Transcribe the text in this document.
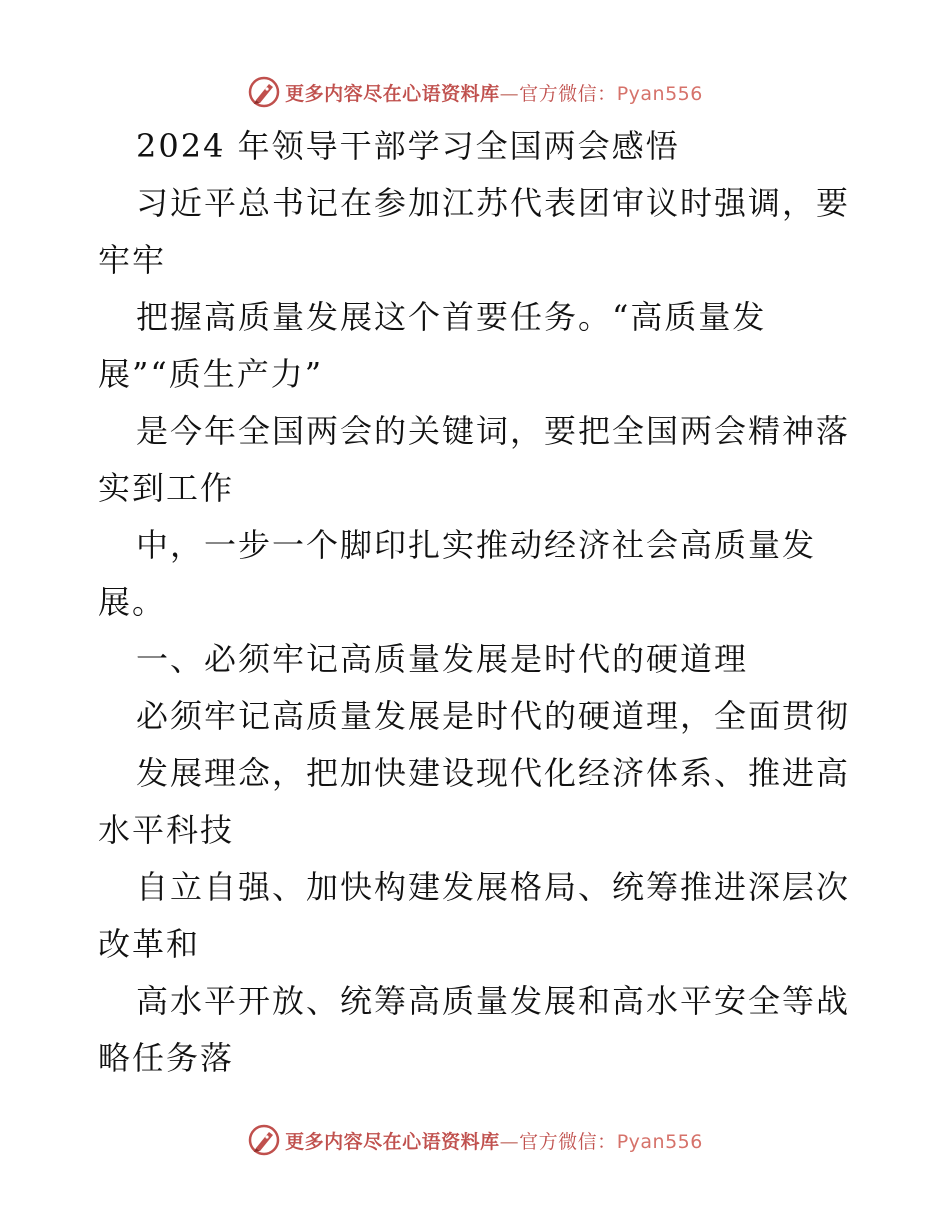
更多内容尽在心语资料库—官方微信：Pyan556
2024 年领导干部学习全国两会感悟
习近平总书记在参加江苏代表团审议时强调，要
牢牢
把握高质量发展这个首要任务。“高质量发
展”“质生产力”
是今年全国两会的关键词，要把全国两会精神落
实到工作
中，一步一个脚印扎实推动经济社会高质量发
展。
一、必须牢记高质量发展是时代的硬道理
必须牢记高质量发展是时代的硬道理，全面贯彻
发展理念，把加快建设现代化经济体系、推进高
水平科技
自立自强、加快构建发展格局、统筹推进深层次
改革和
高水平开放、统筹高质量发展和高水平安全等战
略任务落
更多内容尽在心语资料库—官方微信：Pyan556
